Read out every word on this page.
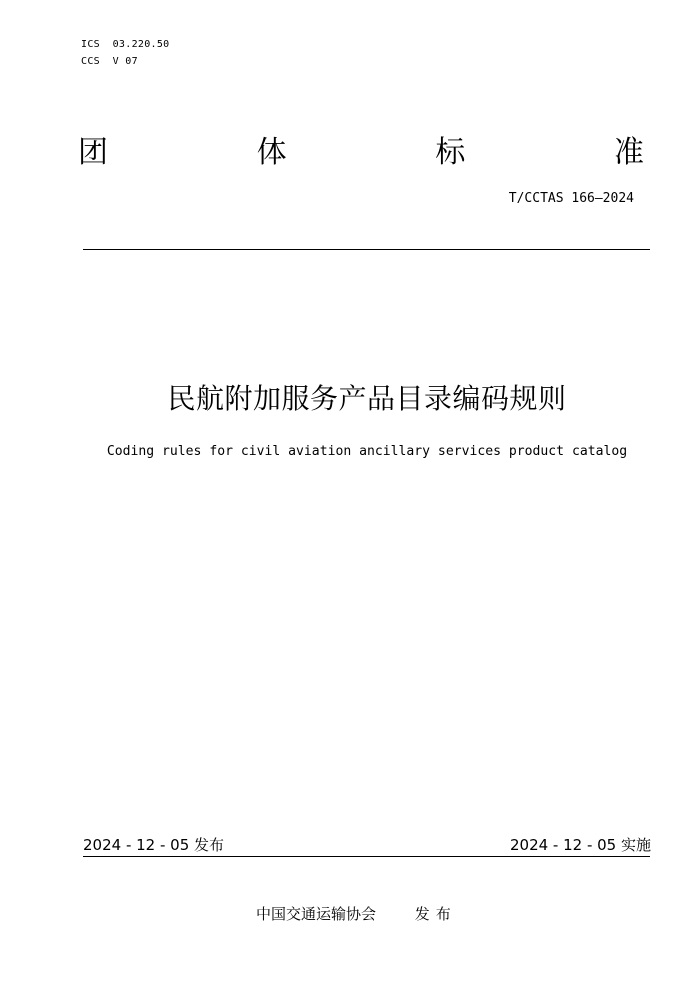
ICS  03.220.50
CCS  V 07
团	体	标	准
T/CCTAS 166—2024
民航附加服务产品目录编码规则
Coding rules for civil aviation ancillary services product catalog
2024 - 12 - 05 发布	2024 - 12 - 05 实施
中国交通运输协会	发布
